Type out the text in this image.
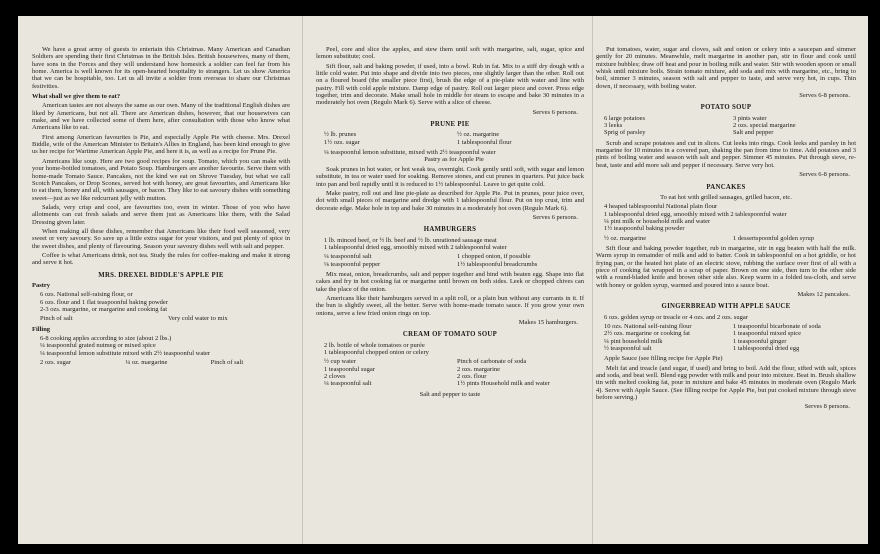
We have a great army of guests to entertain this Christmas. Many American and Canadian Soldiers are spending their first Christmas in the British Isles. British housewives, many of them, have sons in the Forces and they will understand how homesick a soldier can feel far from his home. America is well known for its open-hearted hospitality to strangers. Let us show America that we can be hospitable, too. Let us all invite a soldier from overseas to share our Christmas festivities.

What shall we give them to eat?

American tastes are not always the same as our own. Many of the traditional English dishes are liked by Americans, but not all. There are American dishes, however, that our housewives can make, and we have collected some of them here, after consultation with those who know what Americans like to eat.

First among American favourites is Pie, and especially Apple Pie with cheese. Mrs. Drexel Biddle, wife of the American Minister to Britain's Allies in England, has been kind enough to give us her recipe for Wartime American Apple Pie, and here it is, as well as a recipe for Prune Pie.

Americans like soup. Here are two good recipes for soup. Tomato, which you can make with your home-bottled tomatoes, and Potato Soup. Hamburgers are another favourite. Serve them with home-made Tomato Sauce. Pancakes, not the kind we eat on Shrove Tuesday, but what we call Scotch Pancakes, or Drop Scones, served hot with honey, are great favourites, and Americans like to eat them, honey and all, with sausages, or bacon. They like to eat savoury dishes with something sweet—just as we like redcurrant jelly with mutton.

Salads, very crisp and cool, are favourites too, even in winter. Those of you who have allotments can cut fresh salads and serve them just as Americans like them, with the Salad Dressing given later.

When making all these dishes, remember that Americans like their food well seasoned, very sweet or very savoury. So save up a little extra sugar for your visitors, and put plenty of spice in the sweet dishes, and plenty of flavouring. Season your savoury dishes well with salt and pepper.

Coffee is what Americans drink, not tea. Study the rules for coffee-making and make it strong and serve it hot.

MRS. DREXEL BIDDLE'S APPLE PIE

Pastry

6 ozs. National self-raising flour, or
6 ozs. flour and 1 flat teaspoonful baking powder
2-3 ozs. margarine, or margarine and cooking fat
Pinch of salt	Very cold water to mix

Filling

6-8 cooking apples according to size (about 2 lbs.)
¼ teaspoonful grated nutmeg or mixed spice
¼ teaspoonful lemon substitute mixed with 2½ teaspoonful water
2 ozs. sugar	¼ oz. margarine	Pinch of salt

Peel, core and slice the apples, and stew them until soft with margarine, salt, sugar, spice and lemon substitute; cool.

Sift flour, salt and baking powder, if used, into a bowl. Rub in fat. Mix to a stiff dry dough with a little cold water. Put into shape and divide into two pieces, one slightly larger than the other. Roll out on a floured board (the smaller piece first), brush the edge of a pie-plate with water and line with pastry. Fill with cold apple mixture. Damp edge of pastry. Roll out larger piece and cover. Press edge together, trim and decorate. Make small hole in middle for steam to escape and bake 30 minutes in a moderately hot oven (Regulo Mark 6). Serve with a slice of cheese.

Serves 6 persons.

PRUNE PIE

½ lb. prunes	½ oz. margarine
1½ ozs. sugar	1 tablespoonful flour
¼ teaspoonful lemon substitute, mixed with 2½ teaspoonful water
Pastry as for Apple Pie

Soak prunes in hot water, or hot weak tea, overnight. Cook gently until soft, with sugar and lemon substitute, in tea or water used for soaking. Remove stones, and cut prunes in quarters. Put juice back into pan and boil rapidly until it is reduced to 1½ tablespoonful. Leave to get quite cold.

Make pastry, roll out and line pie-plate as described for Apple Pie. Put in prunes, pour juice over, dot with small pieces of margarine and dredge with 1 tablespoonful flour. Put on top crust, trim and decorate edge. Make hole in top and bake 30 minutes in a moderately hot oven (Regulo Mark 6).

Serves 6 persons.

HAMBURGERS

1 lb. minced beef, or ½ lb. beef and ½ lb. unrationed sausage meat
1 tablespoonful dried egg, smoothly mixed with 2 tablespoonful water
¼ teaspoonful salt	1 chopped onion, if possible
⅛ teaspoonful pepper	1½ tablespoonful breadcrumbs

Mix meat, onion, breadcrumbs, salt and pepper together and bind with beaten egg. Shape into flat cakes and fry in hot cooking fat or margarine until brown on both sides. Leek or chopped chives can take the place of the onion.

Americans like their hamburgers served in a split roll, or a plain bun without any currants in it. If the bun is slightly sweet, all the better. Serve with home-made tomato sauce. If you grow your own onions, serve a few fried onion rings on top.

Makes 15 hamburgers.

CREAM OF TOMATO SOUP

2 lb. bottle of whole tomatoes or purée
1 tablespoonful chopped onion or celery
½ cup water	Pinch of carbonate of soda
1 teaspoonful sugar	2 ozs. margarine
2 cloves	2 ozs. flour
¼ teaspoonful salt	1½ pints Household milk and water

Salt and pepper to taste

Put tomatoes, water, sugar and cloves, salt and onion or celery into a saucepan and simmer gently for 20 minutes. Meanwhile, melt margarine in another pan, stir in flour and cook until mixture bubbles; draw off heat and pour in boiling milk and water. Stir with wooden spoon or small whisk until mixture boils. Strain tomato mixture, add soda and mix with margarine, etc., bring to boil, simmer 3 minutes, season with salt and pepper to taste, and serve very hot, in cups. Thin down, if necessary, with boiling water.

Serves 6-8 persons.

POTATO SOUP

6 large potatoes	3 pints water
3 leeks	2 ozs. special margarine
Sprig of parsley	Salt and pepper

Scrub and scrape potatoes and cut in slices. Cut leeks into rings. Cook leeks and parsley in hot margarine for 10 minutes in a covered pan, shaking the pan from time to time. Add potatoes and 3 pints of boiling water and season with salt and pepper. Simmer 45 minutes. Put through sieve, re-heat, taste and add more salt and pepper if necessary. Serve very hot.

Serves 6-8 persons.

PANCAKES

To eat hot with grilled sausages, grilled bacon, etc.

4 heaped tablespoonful National plain flour
1 tablespoonful dried egg, smoothly mixed with 2 tablespoonful water
¼ pint milk or household milk and water
1½ teaspoonful baking powder
½ oz. margarine	1 dessertspoonful golden syrup

Sift flour and baking powder together, rub in margarine, stir in egg beaten with half the milk. Warm syrup in remainder of milk and add to batter. Cook in tablespoonful on a hot griddle, or hot frying pan, or the heated hot plate of an electric stove, rubbing the surface over first of all with a piece of cooking fat wrapped in a scrap of paper. Brown on one side, then turn to the other side with a round-bladed knife and brown other side also. Keep warm in a folded tea-cloth, and serve with honey or golden syrup, warmed and poured into a sauce boat.

Makes 12 pancakes.

GINGERBREAD WITH APPLE SAUCE

6 ozs. golden syrup or treacle or 4 ozs. and 2 ozs. sugar
10 ozs. National self-raising flour	1 teaspoonful bicarbonate of soda
2½ ozs. margarine or cooking fat	1 teaspoonful mixed spice
¼ pint household milk	1 teaspoonful ginger
½ teaspoonful salt	1 tablespoonful dried egg

Apple Sauce (see filling recipe for Apple Pie)

Melt fat and treacle (and sugar, if used) and bring to boil. Add the flour, sifted with salt, spices and soda, and beat well. Blend egg powder with milk and pour into mixture. Beat in. Brush shallow tin with melted cooking fat, pour in mixture and bake 45 minutes in moderate oven (Regulo Mark 4). Serve with Apple Sauce. (See filling recipe for Apple Pie, but put cooked mixture through sieve before serving.)

Serves 8 persons.
